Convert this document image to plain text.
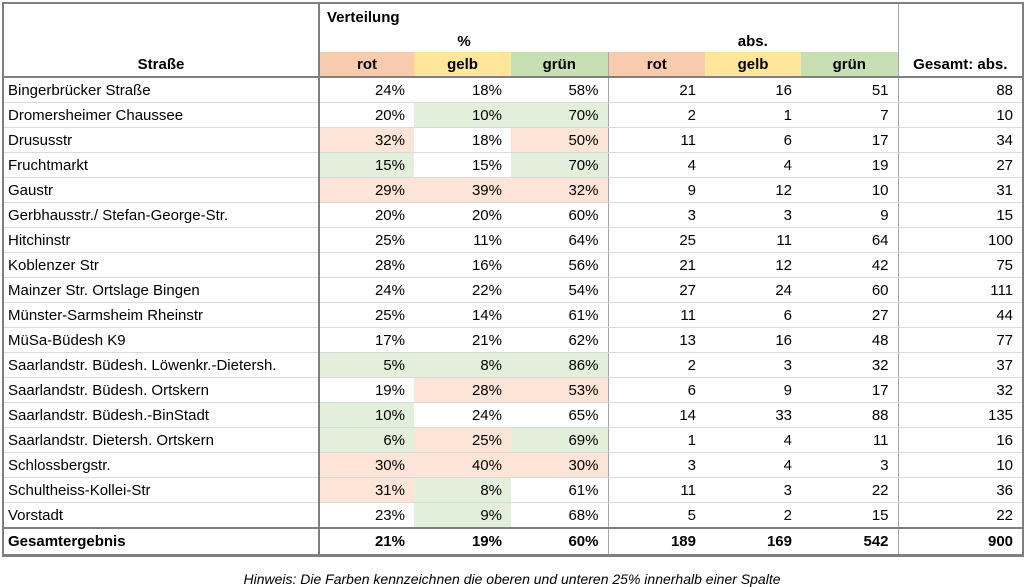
Straße	Verteilung						Gesamt: abs.
	%			abs.			
	rot	gelb	grün	rot	gelb	grün	
Bingerbrücker Straße	24%	18%	58%	21	16	51	88
Dromersheimer Chaussee	20%	10%	70%	2	1	7	10
Drususstr	32%	18%	50%	11	6	17	34
Fruchtmarkt	15%	15%	70%	4	4	19	27
Gaustr	29%	39%	32%	9	12	10	31
Gerbhausstr./ Stefan-George-Str.	20%	20%	60%	3	3	9	15
Hitchinstr	25%	11%	64%	25	11	64	100
Koblenzer Str	28%	16%	56%	21	12	42	75
Mainzer Str. Ortslage Bingen	24%	22%	54%	27	24	60	111
Münster-Sarmsheim Rheinstr	25%	14%	61%	11	6	27	44
MüSa-Büdesh K9	17%	21%	62%	13	16	48	77
Saarlandstr. Büdesh. Löwenkr.-Dietersh.	5%	8%	86%	2	3	32	37
Saarlandstr. Büdesh. Ortskern	19%	28%	53%	6	9	17	32
Saarlandstr. Büdesh.-BinStadt	10%	24%	65%	14	33	88	135
Saarlandstr. Dietersh. Ortskern	6%	25%	69%	1	4	11	16
Schlossbergstr.	30%	40%	30%	3	4	3	10
Schultheiss-Kollei-Str	31%	8%	61%	11	3	22	36
Vorstadt	23%	9%	68%	5	2	15	22
Gesamtergebnis	21%	19%	60%	189	169	542	900
Hinweis: Die Farben kennzeichnen die oberen und unteren 25% innerhalb einer Spalte
